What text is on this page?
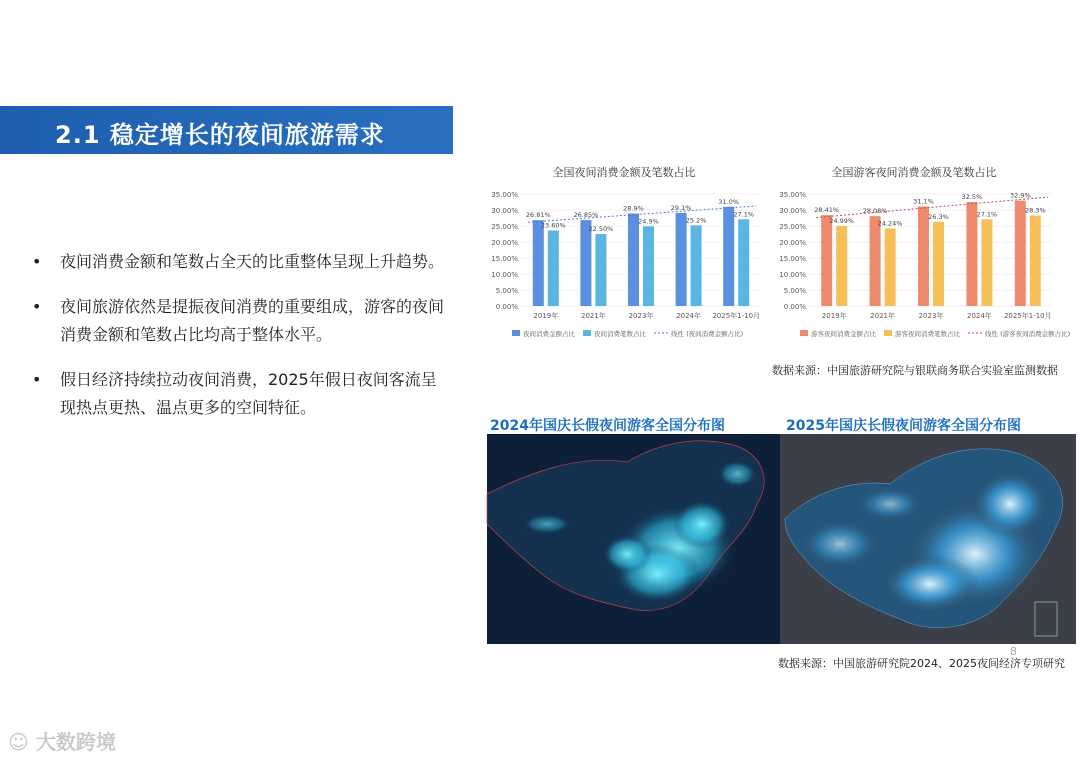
2.1 稳定增长的夜间旅游需求
• 夜间消费金额和笔数占全天的比重整体呈现上升趋势。
• 夜间旅游依然是提振夜间消费的重要组成，游客的夜间消费金额和笔数占比均高于整体水平。
• 假日经济持续拉动夜间消费，2025年假日夜间客流呈现热点更热、温点更多的空间特征。
全国夜间消费金额及笔数占比
0.00%
5.00%
10.00%
15.00%
20.00%
25.00%
30.00%
35.00%
26.81%
23.60%
2019年
26.85%
22.50%
2021年
28.9%
24.9%
2023年
29.1%
25.2%
2024年
31.0%
27.1%
2025年1-10月
夜间消费金额占比	夜间消费笔数占比	线性 (夜间消费金额占比)
全国游客夜间消费金额及笔数占比
0.00%
5.00%
10.00%
15.00%
20.00%
25.00%
30.00%
35.00%
28.41%
24.99%
2019年
28.08%
24.24%
2021年
31.1%
26.3%
2023年
32.5%
27.1%
2024年
32.9%
28.3%
2025年1-10月
游客夜间消费金额占比	游客夜间消费笔数占比	线性 (游客夜间消费金额占比)
数据来源：中国旅游研究院与银联商务联合实验室监测数据
2024年国庆长假夜间游客全国分布图	2025年国庆长假夜间游客全国分布图
8
数据来源：中国旅游研究院2024、2025夜间经济专项研究
☺ 大数跨境
